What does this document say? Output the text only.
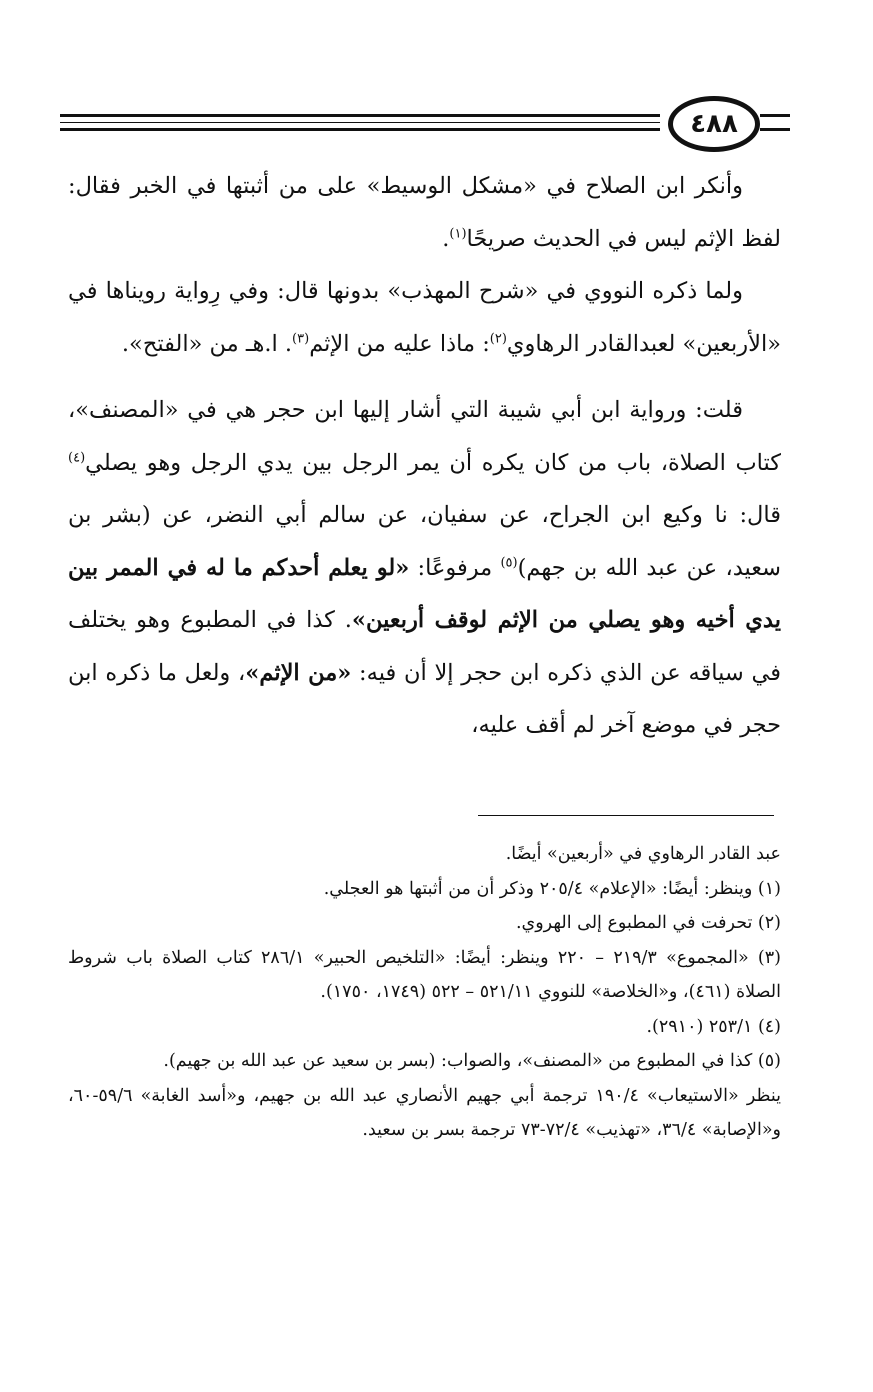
٤٨٨

وأنكر ابن الصلاح في «مشكل الوسيط» على من أثبتها في الخبر فقال: لفظ الإثم ليس في الحديث صريحًا$^{(١)}$.

ولما ذكره النووي في «شرح المهذب» بدونها قال: وفي رِواية رويناها في «الأربعين» لعبدالقادر الرهاوي$^{(٢)}$: ماذا عليه من الإثم$^{(٣)}$. ا.هـ من «الفتح».

قلت: ورواية ابن أبي شيبة التي أشار إليها ابن حجر هي في «المصنف»، كتاب الصلاة، باب من كان يكره أن يمر الرجل بين يدي الرجل وهو يصلي$^{(٤)}$ قال: نا وكيع ابن الجراح، عن سفيان، عن سالم أبي النضر، عن (بشر بن سعيد، عن عبد الله بن جهم)$^{(٥)}$ مرفوعًا: «لو يعلم أحدكم ما له في الممر بين يدي أخيه وهو يصلي من الإثم لوقف أربعين». كذا في المطبوع وهو يختلف في سياقه عن الذي ذكره ابن حجر إلا أن فيه: «من الإثم»، ولعل ما ذكره ابن حجر في موضع آخر لم أقف عليه،

عبد القادر الرهاوي في «أربعين» أيضًا.

(١) وينظر: أيضًا: «الإعلام» ٢٠٥/٤ وذكر أن من أثبتها هو العجلي.

(٢) تحرفت في المطبوع إلى الهروي.

(٣) «المجموع» ٢١٩/٣ – ٢٢٠ وينظر: أيضًا: «التلخيص الحبير» ٢٨٦/١ كتاب الصلاة باب شروط الصلاة (٤٦١)، و«الخلاصة» للنووي ٥٢١/١١ – ٥٢٢ (١٧٤٩، ١٧٥٠).

(٤) ٢٥٣/١ (٢٩١٠).

(٥) كذا في المطبوع من «المصنف»، والصواب: (بسر بن سعيد عن عبد الله بن جهيم).

ينظر «الاستيعاب» ١٩٠/٤ ترجمة أبي جهيم الأنصاري عبد الله بن جهيم، و«أسد الغابة» ٥٩/٦-٦٠، و«الإصابة» ٣٦/٤، «تهذيب» ٧٢/٤-٧٣ ترجمة بسر بن سعيد.
